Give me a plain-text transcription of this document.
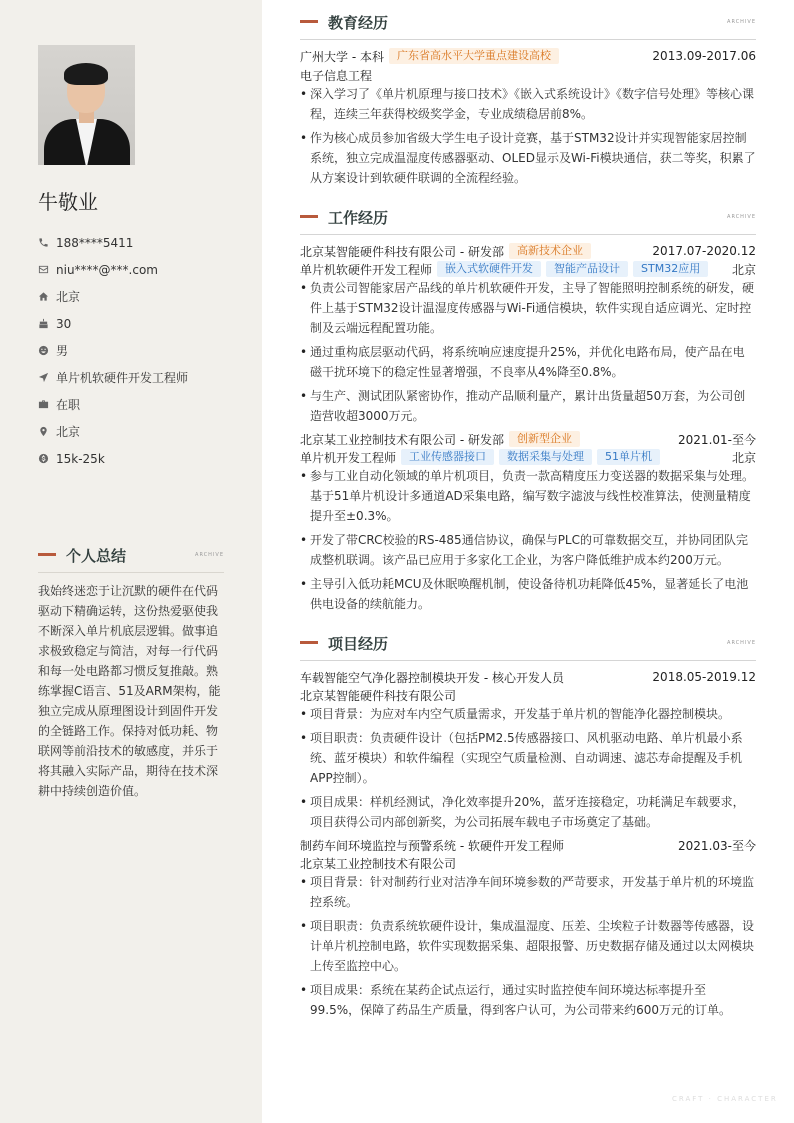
牛敬业
188****5411
niu****@***.com
北京
30
男
单片机软硬件开发工程师
在职
北京
15k-25k
个人总结	ARCHIVE
我始终迷恋于让沉默的硬件在代码驱动下精确运转，这份热爱驱使我不断深入单片机底层逻辑。做事追求极致稳定与简洁，对每一行代码和每一处电路都习惯反复推敲。熟练掌握C语言、51及ARM架构，能独立完成从原理图设计到固件开发的全链路工作。保持对低功耗、物联网等前沿技术的敏感度，并乐于将其融入实际产品，期待在技术深耕中持续创造价值。
教育经历	ARCHIVE
广州大学 - 本科	广东省高水平大学重点建设高校	2013.09-2017.06
电子信息工程
• 深入学习了《单片机原理与接口技术》《嵌入式系统设计》《数字信号处理》等核心课程，连续三年获得校级奖学金，专业成绩稳居前8%。
• 作为核心成员参加省级大学生电子设计竞赛，基于STM32设计并实现智能家居控制系统，独立完成温湿度传感器驱动、OLED显示及Wi-Fi模块通信，获二等奖，积累了从方案设计到软硬件联调的全流程经验。
工作经历	ARCHIVE
北京某智能硬件科技有限公司 - 研发部	高新技术企业	2017.07-2020.12
单片机软硬件开发工程师	嵌入式软硬件开发	智能产品设计	STM32应用	北京
• 负责公司智能家居产品线的单片机软硬件开发，主导了智能照明控制系统的研发，硬件上基于STM32设计温湿度传感器与Wi-Fi通信模块，软件实现自适应调光、定时控制及云端远程配置功能。
• 通过重构底层驱动代码，将系统响应速度提升25%，并优化电路布局，使产品在电磁干扰环境下的稳定性显著增强，不良率从4%降至0.8%。
• 与生产、测试团队紧密协作，推动产品顺利量产，累计出货量超50万套，为公司创造营收超3000万元。
北京某工业控制技术有限公司 - 研发部	创新型企业	2021.01-至今
单片机开发工程师	工业传感器接口	数据采集与处理	51单片机	北京
• 参与工业自动化领域的单片机项目，负责一款高精度压力变送器的数据采集与处理。基于51单片机设计多通道AD采集电路，编写数字滤波与线性校准算法，使测量精度提升至±0.3%。
• 开发了带CRC校验的RS-485通信协议，确保与PLC的可靠数据交互，并协同团队完成整机联调。该产品已应用于多家化工企业，为客户降低维护成本约200万元。
• 主导引入低功耗MCU及休眠唤醒机制，使设备待机功耗降低45%，显著延长了电池供电设备的续航能力。
项目经历	ARCHIVE
车载智能空气净化器控制模块开发 - 核心开发人员	2018.05-2019.12
北京某智能硬件科技有限公司
• 项目背景：为应对车内空气质量需求，开发基于单片机的智能净化器控制模块。
• 项目职责：负责硬件设计（包括PM2.5传感器接口、风机驱动电路、单片机最小系统、蓝牙模块）和软件编程（实现空气质量检测、自动调速、滤芯寿命提醒及手机APP控制）。
• 项目成果：样机经测试，净化效率提升20%，蓝牙连接稳定，功耗满足车载要求，项目获得公司内部创新奖，为公司拓展车载电子市场奠定了基础。
制药车间环境监控与预警系统 - 软硬件开发工程师	2021.03-至今
北京某工业控制技术有限公司
• 项目背景：针对制药行业对洁净车间环境参数的严苛要求，开发基于单片机的环境监控系统。
• 项目职责：负责系统软硬件设计，集成温湿度、压差、尘埃粒子计数器等传感器，设计单片机控制电路，软件实现数据采集、超限报警、历史数据存储及通过以太网模块上传至监控中心。
• 项目成果：系统在某药企试点运行，通过实时监控使车间环境达标率提升至99.5%，保障了药品生产质量，得到客户认可，为公司带来约600万元的订单。
CRAFT · CHARACTER
